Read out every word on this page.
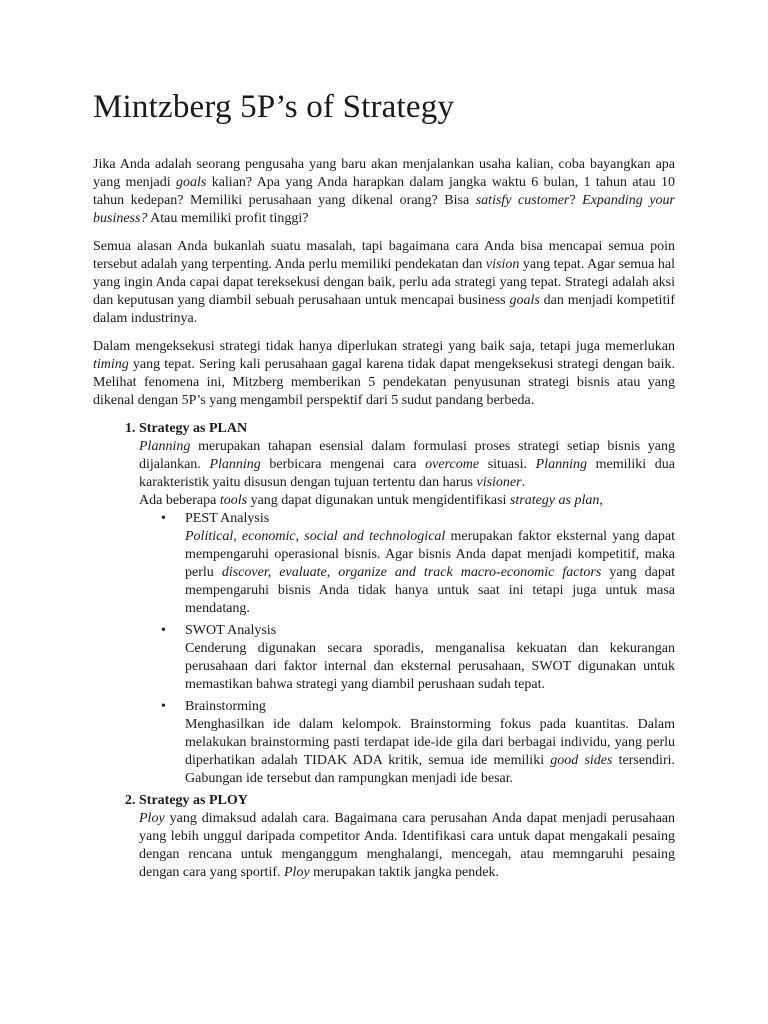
Mintzberg 5P’s of Strategy

Jika Anda adalah seorang pengusaha yang baru akan menjalankan usaha kalian, coba bayangkan apa yang menjadi goals kalian? Apa yang Anda harapkan dalam jangka waktu 6 bulan, 1 tahun atau 10 tahun kedepan? Memiliki perusahaan yang dikenal orang? Bisa satisfy customer? Expanding your business? Atau memiliki profit tinggi?

Semua alasan Anda bukanlah suatu masalah, tapi bagaimana cara Anda bisa mencapai semua poin tersebut adalah yang terpenting. Anda perlu memiliki pendekatan dan vision yang tepat. Agar semua hal yang ingin Anda capai dapat tereksekusi dengan baik, perlu ada strategi yang tepat. Strategi adalah aksi dan keputusan yang diambil sebuah perusahaan untuk mencapai business goals dan menjadi kompetitif dalam industrinya.

Dalam mengeksekusi strategi tidak hanya diperlukan strategi yang baik saja, tetapi juga memerlukan timing yang tepat. Sering kali perusahaan gagal karena tidak dapat mengeksekusi strategi dengan baik. Melihat fenomena ini, Mitzberg memberikan 5 pendekatan penyusunan strategi bisnis atau yang dikenal dengan 5P’s yang mengambil perspektif dari 5 sudut pandang berbeda.

1. Strategy as PLAN
Planning merupakan tahapan esensial dalam formulasi proses strategi setiap bisnis yang dijalankan. Planning berbicara mengenai cara overcome situasi. Planning memiliki dua karakteristik yaitu disusun dengan tujuan tertentu dan harus visioner.
Ada beberapa tools yang dapat digunakan untuk mengidentifikasi strategy as plan,
• PEST Analysis
Political, economic, social and technological merupakan faktor eksternal yang dapat mempengaruhi operasional bisnis. Agar bisnis Anda dapat menjadi kompetitif, maka perlu discover, evaluate, organize and track macro-economic factors yang dapat mempengaruhi bisnis Anda tidak hanya untuk saat ini tetapi juga untuk masa mendatang.
• SWOT Analysis
Cenderung digunakan secara sporadis, menganalisa kekuatan dan kekurangan perusahaan dari faktor internal dan eksternal perusahaan, SWOT digunakan untuk memastikan bahwa strategi yang diambil perushaan sudah tepat.
• Brainstorming
Menghasilkan ide dalam kelompok. Brainstorming fokus pada kuantitas. Dalam melakukan brainstorming pasti terdapat ide-ide gila dari berbagai individu, yang perlu diperhatikan adalah TIDAK ADA kritik, semua ide memiliki good sides tersendiri. Gabungan ide tersebut dan rampungkan menjadi ide besar.
2. Strategy as PLOY
Ploy yang dimaksud adalah cara. Bagaimana cara perusahan Anda dapat menjadi perusahaan yang lebih unggul daripada competitor Anda. Identifikasi cara untuk dapat mengakali pesaing dengan rencana untuk menganggum menghalangi, mencegah, atau memngaruhi pesaing dengan cara yang sportif. Ploy merupakan taktik jangka pendek.
